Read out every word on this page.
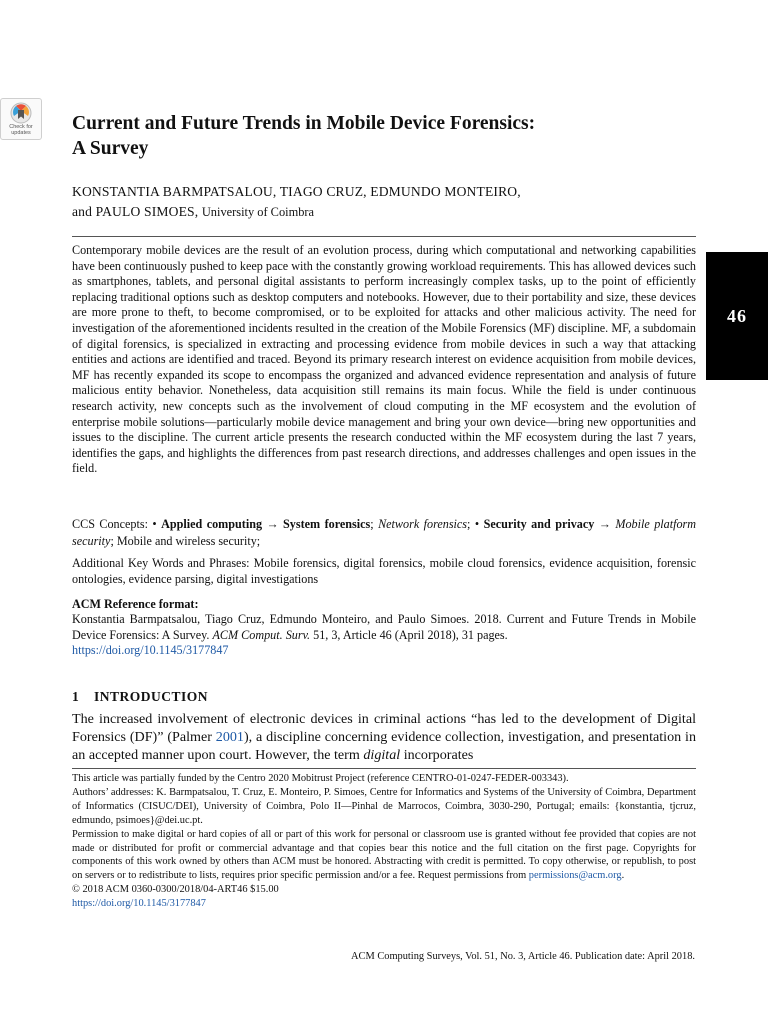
Check for
updates	Current and Future Trends in Mobile Device Forensics:
A Survey
KONSTANTIA BARMPATSALOU, TIAGO CRUZ, EDMUNDO MONTEIRO,
and PAULO SIMOES, University of Coimbra

Contemporary mobile devices are the result of an evolution process, during which computational and networking capabilities have been continuously pushed to keep pace with the constantly growing workload requirements. This has allowed devices such as smartphones, tablets, and personal digital assistants to perform increasingly complex tasks, up to the point of efficiently replacing traditional options such as desktop computers and notebooks. However, due to their portability and size, these devices are more prone to theft, to become compromised, or to be exploited for attacks and other malicious activity. The need for investigation of the aforementioned incidents resulted in the creation of the Mobile Forensics (MF) discipline. MF, a subdomain of digital forensics, is specialized in extracting and processing evidence from mobile devices in such a way that attacking entities and actions are identified and traced. Beyond its primary research interest on evidence acquisition from mobile devices, MF has recently expanded its scope to encompass the organized and advanced evidence representation and analysis of future malicious entity behavior. Nonetheless, data acquisition still remains its main focus. While the field is under continuous research activity, new concepts such as the involvement of cloud computing in the MF ecosystem and the evolution of enterprise mobile solutions—particularly mobile device management and bring your own device—bring new opportunities and issues to the discipline. The current article presents the research conducted within the MF ecosystem during the last 7 years, identifies the gaps, and highlights the differences from past research directions, and addresses challenges and open issues in the field.

CCS Concepts: • Applied computing → System forensics; Network forensics; • Security and privacy → Mobile platform security; Mobile and wireless security;

Additional Key Words and Phrases: Mobile forensics, digital forensics, mobile cloud forensics, evidence acquisition, forensic ontologies, evidence parsing, digital investigations

ACM Reference format:

Konstantia Barmpatsalou, Tiago Cruz, Edmundo Monteiro, and Paulo Simoes. 2018. Current and Future Trends in Mobile Device Forensics: A Survey. ACM Comput. Surv. 51, 3, Article 46 (April 2018), 31 pages.
https://doi.org/10.1145/3177847

1 INTRODUCTION

The increased involvement of electronic devices in criminal actions “has led to the development of Digital Forensics (DF)” (Palmer 2001), a discipline concerning evidence collection, investigation, and presentation in an accepted manner upon court. However, the term digital incorporates

This article was partially funded by the Centro 2020 Mobitrust Project (reference CENTRO-01-0247-FEDER-003343).

Authors’ addresses: K. Barmpatsalou, T. Cruz, E. Monteiro, P. Simoes, Centre for Informatics and Systems of the University of Coimbra, Department of Informatics (CISUC/DEI), University of Coimbra, Polo II—Pinhal de Marrocos, Coimbra, 3030-290, Portugal; emails: {konstantia, tjcruz, edmundo, psimoes}@dei.uc.pt.

Permission to make digital or hard copies of all or part of this work for personal or classroom use is granted without fee provided that copies are not made or distributed for profit or commercial advantage and that copies bear this notice and the full citation on the first page. Copyrights for components of this work owned by others than ACM must be honored. Abstracting with credit is permitted. To copy otherwise, or republish, to post on servers or to redistribute to lists, requires prior specific permission and/or a fee. Request permissions from permissions@acm.org.

© 2018 ACM 0360-0300/2018/04-ART46 $15.00

https://doi.org/10.1145/3177847

ACM Computing Surveys, Vol. 51, No. 3, Article 46. Publication date: April 2018.
46
